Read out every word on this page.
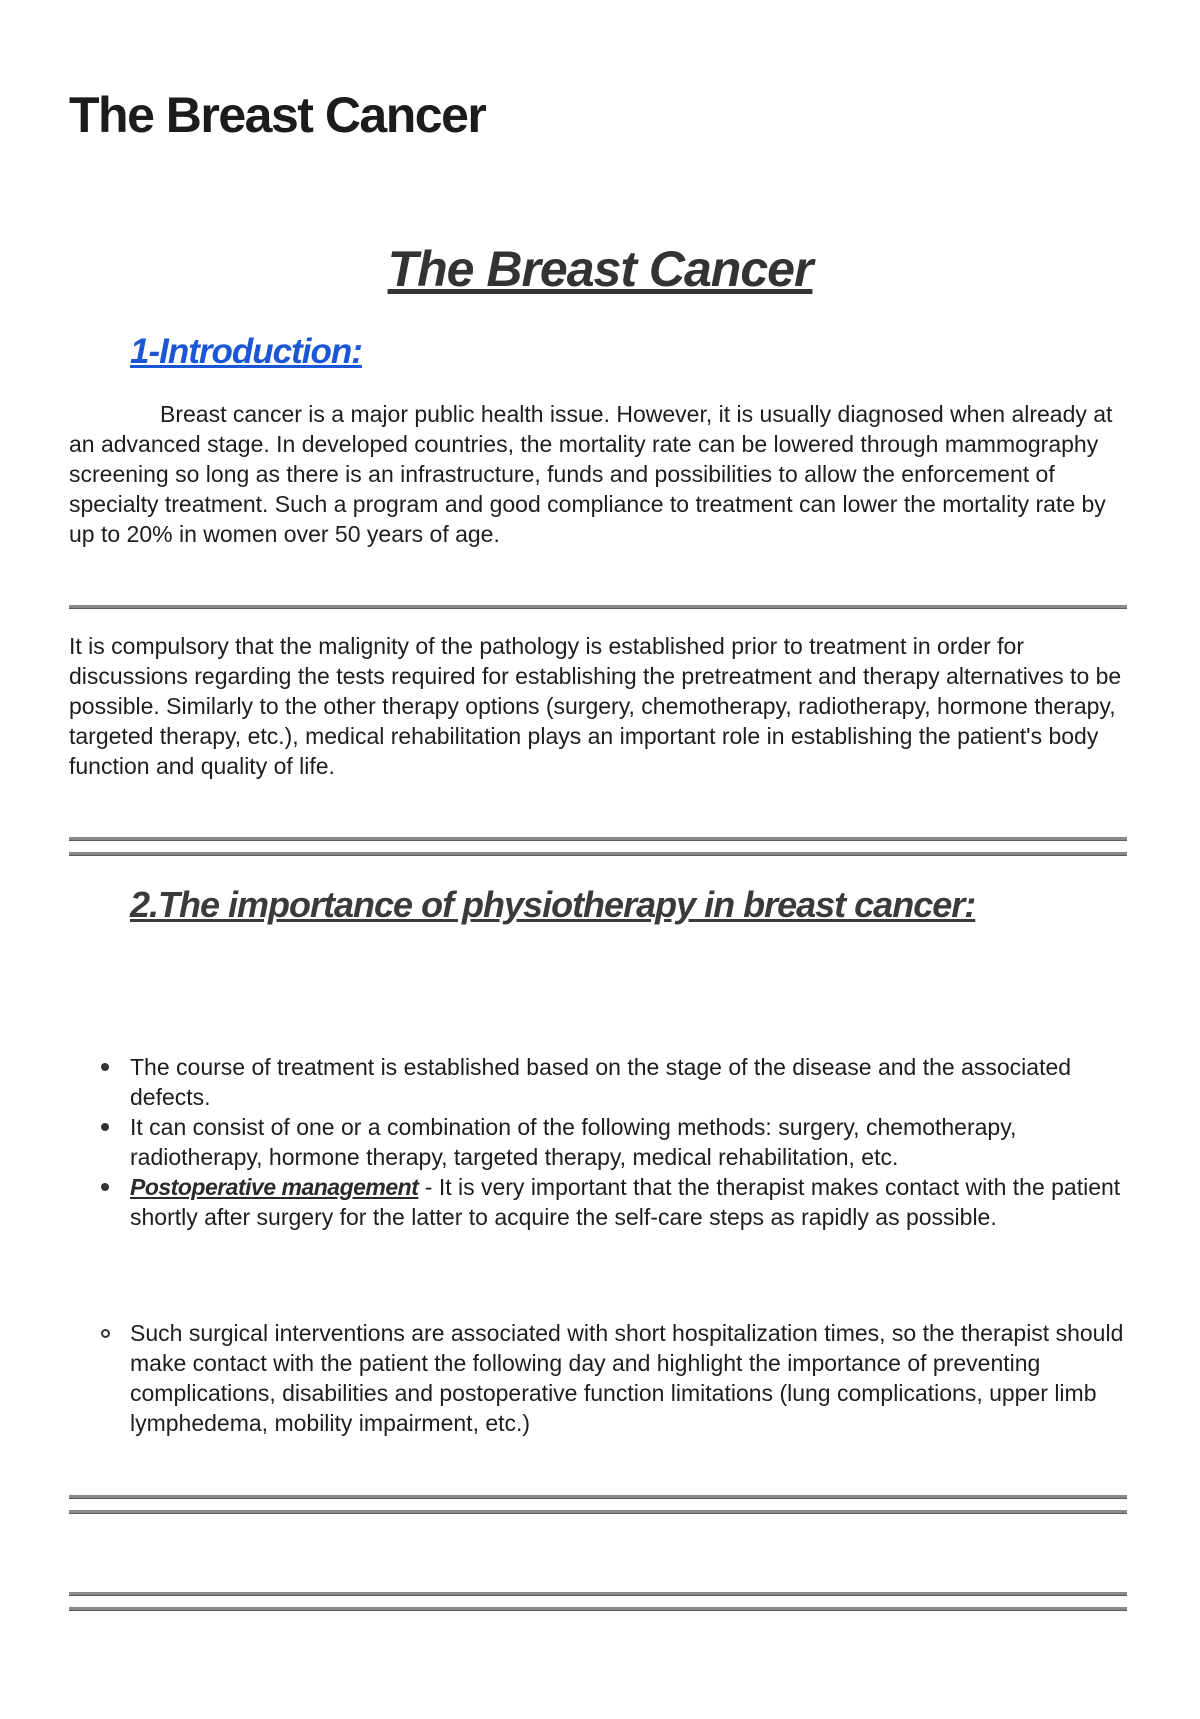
The Breast Cancer
The Breast Cancer
1-Introduction:

Breast cancer is a major public health issue. However, it is usually diagnosed when already at an advanced stage. In developed countries, the mortality rate can be lowered through mammography screening so long as there is an infrastructure, funds and possibilities to allow the enforcement of specialty treatment. Such a program and good compliance to treatment can lower the mortality rate by up to 20% in women over 50 years of age.

It is compulsory that the malignity of the pathology is established prior to treatment in order for discussions regarding the tests required for establishing the pretreatment and therapy alternatives to be possible. Similarly to the other therapy options (surgery, chemotherapy, radiotherapy, hormone therapy, targeted therapy, etc.), medical rehabilitation plays an important role in establishing the patient's body function and quality of life.

2.The importance of physiotherapy in breast cancer:
The course of treatment is established based on the stage of the disease and the associated defects.
It can consist of one or a combination of the following methods: surgery, chemotherapy, radiotherapy, hormone therapy, targeted therapy, medical rehabilitation, etc.
Postoperative management - It is very important that the therapist makes contact with the patient shortly after surgery for the latter to acquire the self-care steps as rapidly as possible.
Such surgical interventions are associated with short hospitalization times, so the therapist should make contact with the patient the following day and highlight the importance of preventing complications, disabilities and postoperative function limitations (lung complications, upper limb lymphedema, mobility impairment, etc.)
